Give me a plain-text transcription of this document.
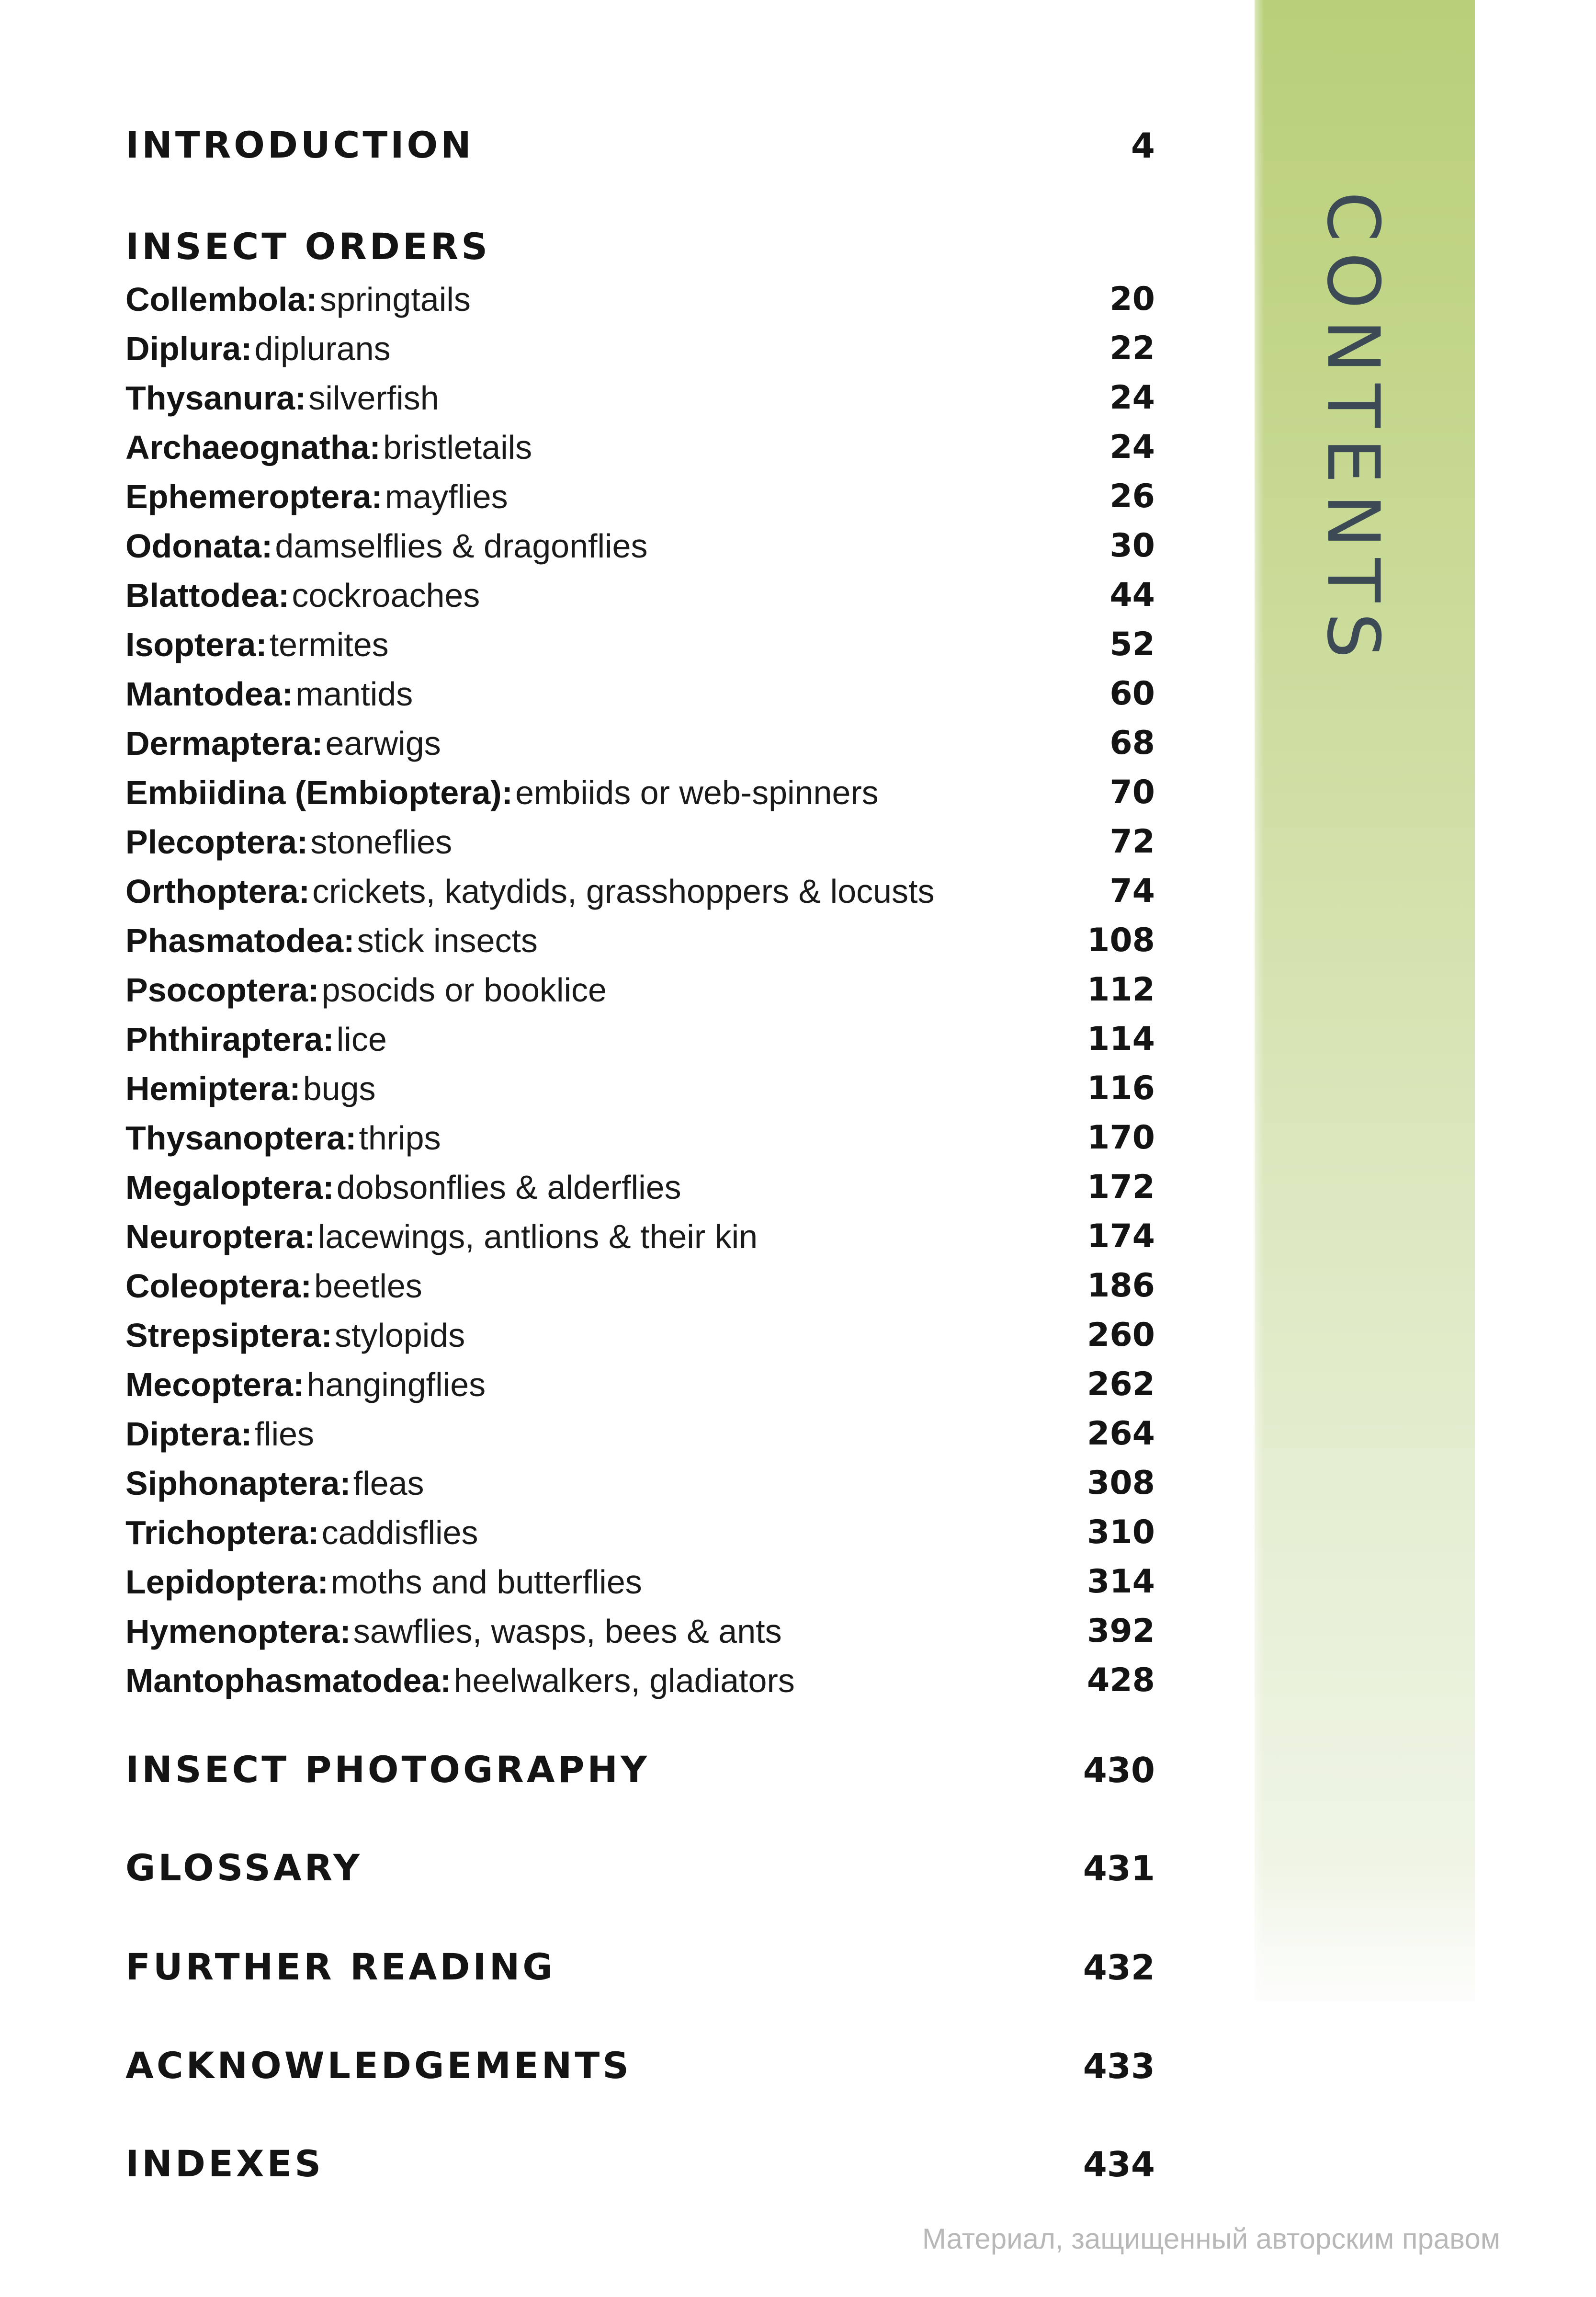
CONTENTS
INTRODUCTION	4
INSECT ORDERS
Collembola: springtails	20
Diplura: diplurans	22
Thysanura: silverfish	24
Archaeognatha: bristletails	24
Ephemeroptera: mayflies	26
Odonata: damselflies & dragonflies	30
Blattodea: cockroaches	44
Isoptera: termites	52
Mantodea: mantids	60
Dermaptera: earwigs	68
Embiidina (Embioptera): embiids or web-spinners	70
Plecoptera: stoneflies	72
Orthoptera: crickets, katydids, grasshoppers & locusts	74
Phasmatodea: stick insects	108
Psocoptera: psocids or booklice	112
Phthiraptera: lice	114
Hemiptera: bugs	116
Thysanoptera: thrips	170
Megaloptera: dobsonflies & alderflies	172
Neuroptera: lacewings, antlions & their kin	174
Coleoptera: beetles	186
Strepsiptera: stylopids	260
Mecoptera: hangingflies	262
Diptera: flies	264
Siphonaptera: fleas	308
Trichoptera: caddisflies	310
Lepidoptera: moths and butterflies	314
Hymenoptera: sawflies, wasps, bees & ants	392
Mantophasmatodea: heelwalkers, gladiators	428
INSECT PHOTOGRAPHY	430
GLOSSARY	431
FURTHER READING	432
ACKNOWLEDGEMENTS	433
INDEXES	434
Материал, защищенный авторским правом
